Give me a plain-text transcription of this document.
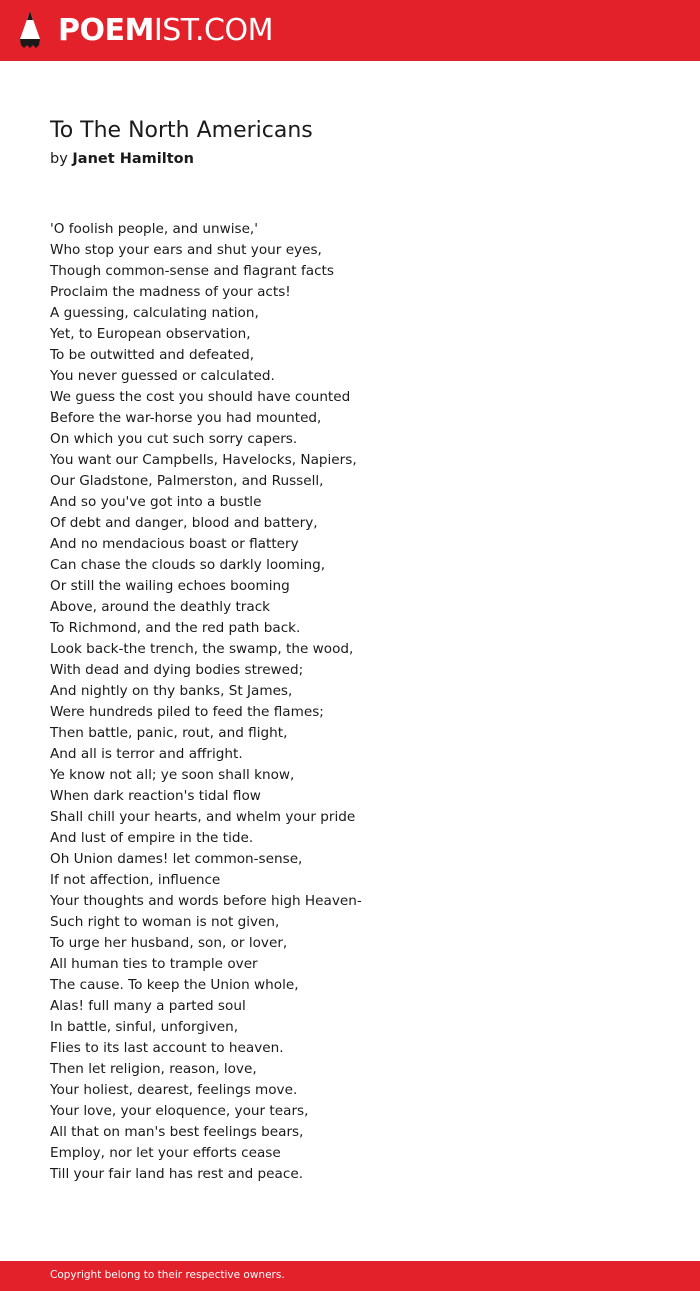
POEMIST.COM
To The North Americans
by Janet Hamilton
'O foolish people, and unwise,'
Who stop your ears and shut your eyes,
Though common-sense and flagrant facts
Proclaim the madness of your acts!
A guessing, calculating nation,
Yet, to European observation,
To be outwitted and defeated,
You never guessed or calculated.
We guess the cost you should have counted
Before the war-horse you had mounted,
On which you cut such sorry capers.
You want our Campbells, Havelocks, Napiers,
Our Gladstone, Palmerston, and Russell,
And so you've got into a bustle
Of debt and danger, blood and battery,
And no mendacious boast or flattery
Can chase the clouds so darkly looming,
Or still the wailing echoes booming
Above, around the deathly track
To Richmond, and the red path back.
Look back-the trench, the swamp, the wood,
With dead and dying bodies strewed;
And nightly on thy banks, St James,
Were hundreds piled to feed the flames;
Then battle, panic, rout, and flight,
And all is terror and affright.
Ye know not all; ye soon shall know,
When dark reaction's tidal flow
Shall chill your hearts, and whelm your pride
And lust of empire in the tide.
Oh Union dames! let common-sense,
If not affection, influence
Your thoughts and words before high Heaven-
Such right to woman is not given,
To urge her husband, son, or lover,
All human ties to trample over
The cause. To keep the Union whole,
Alas! full many a parted soul
In battle, sinful, unforgiven,
Flies to its last account to heaven.
Then let religion, reason, love,
Your holiest, dearest, feelings move.
Your love, your eloquence, your tears,
All that on man's best feelings bears,
Employ, nor let your efforts cease
Till your fair land has rest and peace.
Copyright belong to their respective owners.
